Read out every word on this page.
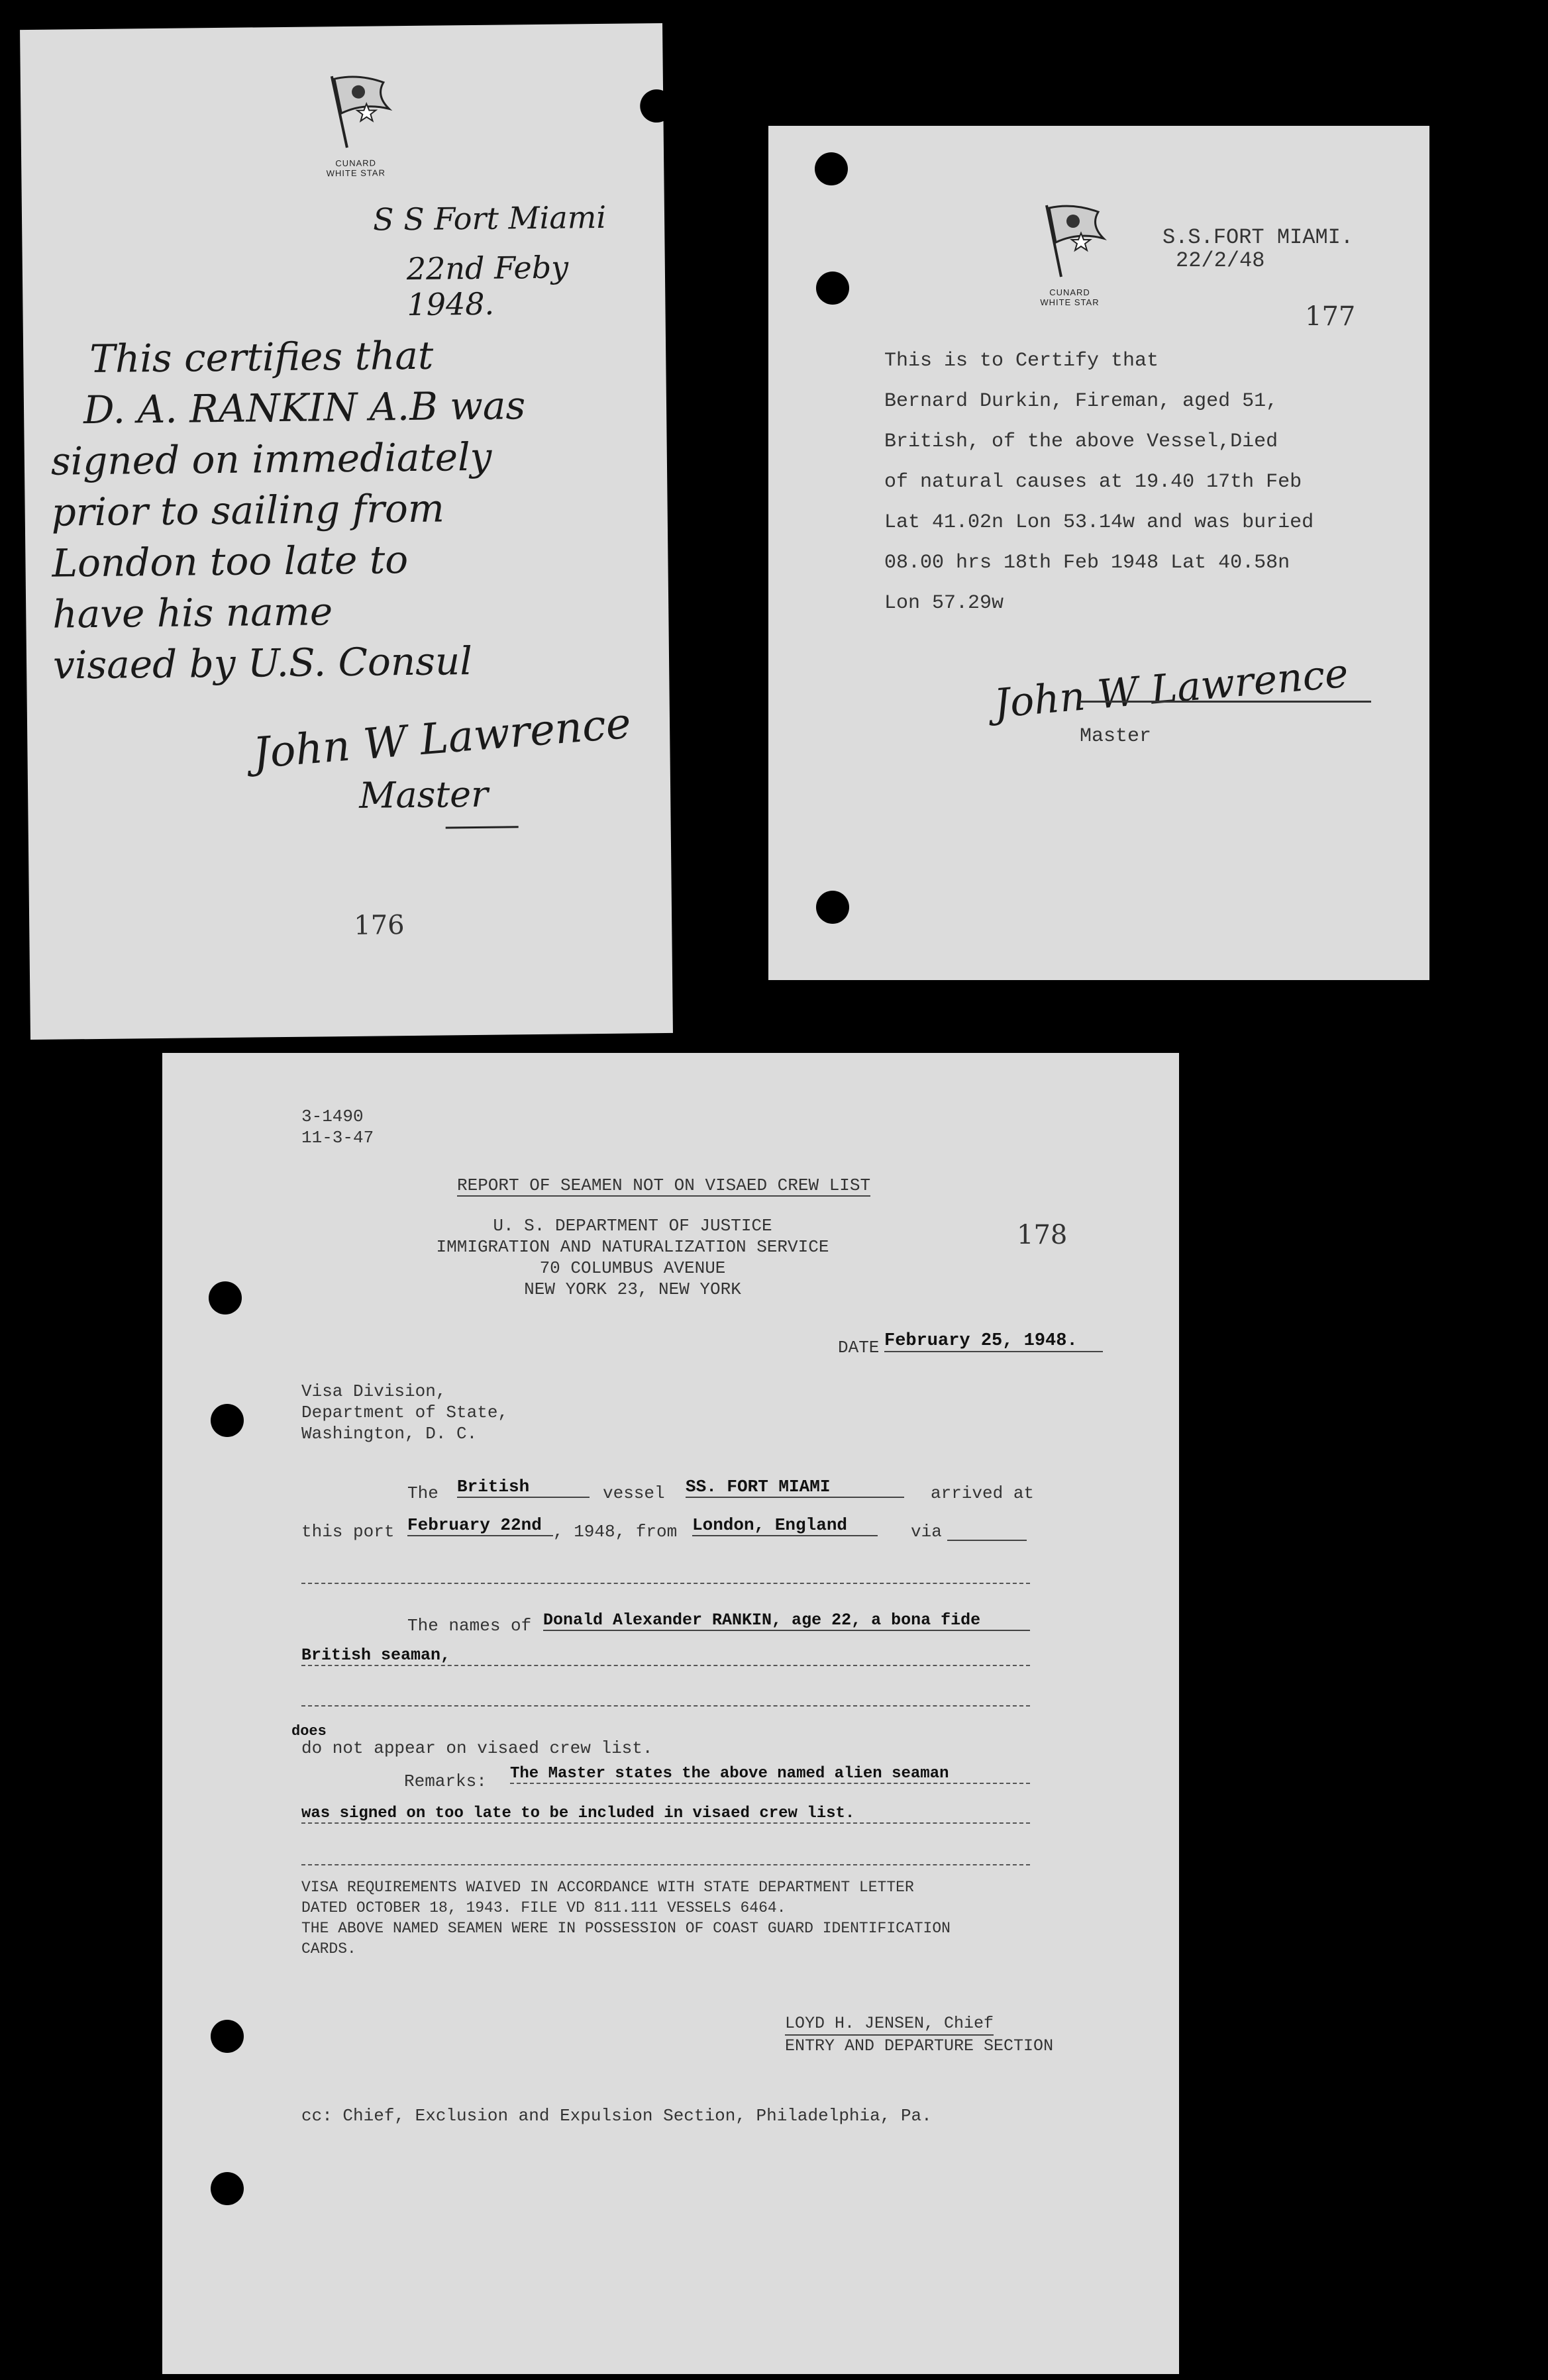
CUNARD
WHITE STAR
S S Fort Miami
22nd Feby 1948.
This certifies that
D. A. RANKIN A.B was
signed on immediately
prior to sailing from
London too late to
have his name
visaed by U.S. Consul
John W Lawrence
Master
176
CUNARD
WHITE STAR
S.S.FORT MIAMI.
22/2/48
177
This is to Certify that
Bernard Durkin, Fireman, aged 51,
British, of the above Vessel,Died
of natural causes at 19.40 17th Feb
Lat 41.02n Lon 53.14w and was buried
08.00 hrs 18th Feb 1948 Lat 40.58n
Lon 57.29w
John W Lawrence
Master
3-1490
11-3-47
REPORT OF SEAMEN NOT ON VISAED CREW LIST
U. S. DEPARTMENT OF JUSTICE
IMMIGRATION AND NATURALIZATION SERVICE
70 COLUMBUS AVENUE
NEW YORK 23, NEW YORK
178
DATE February 25, 1948.
Visa Division,
Department of State,
Washington, D. C.
The British	vessel SS. FORT MIAMI	arrived at
this port February 22nd , 1948, from London, England	via
The names of Donald Alexander RANKIN, age 22, a bona fide
British seaman,
does
do not appear on visaed crew list.
Remarks: The Master states the above named alien seaman
was signed on too late to be included in visaed crew list.
VISA REQUIREMENTS WAIVED IN ACCORDANCE WITH STATE DEPARTMENT LETTER
DATED OCTOBER 18, 1943. FILE VD 811.111 VESSELS 6464.
THE ABOVE NAMED SEAMEN WERE IN POSSESSION OF COAST GUARD IDENTIFICATION
CARDS.
LOYD H. JENSEN, Chief
ENTRY AND DEPARTURE SECTION
cc: Chief, Exclusion and Expulsion Section, Philadelphia, Pa.
